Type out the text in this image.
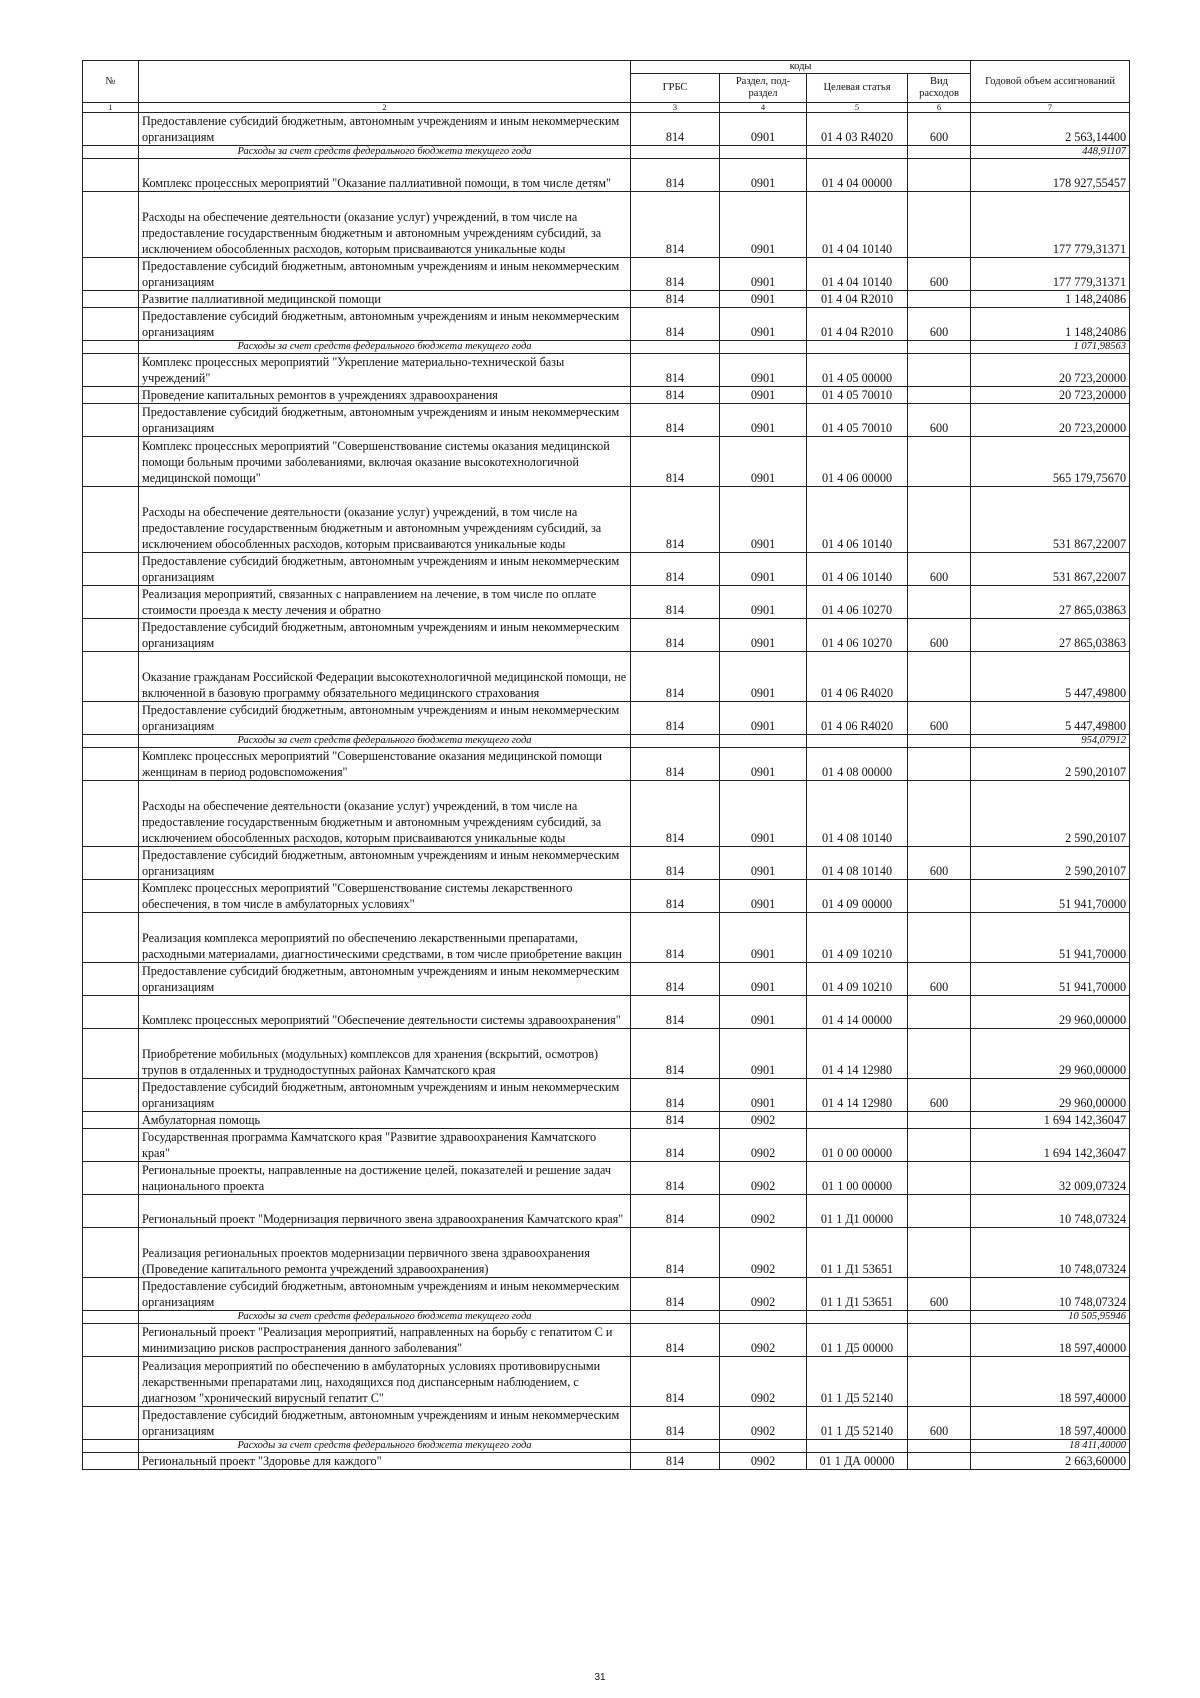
№		коды				Годовой объем ассигнований
		ГРБС	Раздел, под-раздел	Целевая статья	Вид расходов	
1	2	3	4	5	6	7
	Предоставление субсидий бюджетным, автономным учреждениям и иным некоммерческим организациям	814	0901	01 4 03 R4020	600	2 563,14400
	Расходы за счет средств федерального бюджета текущего года					448,91107
	Комплекс процессных мероприятий "Оказание паллиативной помощи, в том числе детям"	814	0901	01 4 04 00000		178 927,55457
	Расходы на обеспечение деятельности (оказание услуг) учреждений, в том числе на предоставление государственным бюджетным и автономным учреждениям субсидий, за исключением обособленных расходов, которым присваиваются уникальные коды	814	0901	01 4 04 10140		177 779,31371
	Предоставление субсидий бюджетным, автономным учреждениям и иным некоммерческим организациям	814	0901	01 4 04 10140	600	177 779,31371
	Развитие паллиативной медицинской помощи	814	0901	01 4 04 R2010		1 148,24086
	Предоставление субсидий бюджетным, автономным учреждениям и иным некоммерческим организациям	814	0901	01 4 04 R2010	600	1 148,24086
	Расходы за счет средств федерального бюджета текущего года					1 071,98563
	Комплекс процессных мероприятий "Укрепление материально-технической базы учреждений"	814	0901	01 4 05 00000		20 723,20000
	Проведение капитальных ремонтов в учреждениях здравоохранения	814	0901	01 4 05 70010		20 723,20000
	Предоставление субсидий бюджетным, автономным учреждениям и иным некоммерческим организациям	814	0901	01 4 05 70010	600	20 723,20000
	Комплекс процессных мероприятий "Совершенствование системы оказания медицинской помощи больным прочими заболеваниями, включая оказание высокотехнологичной медицинской помощи"	814	0901	01 4 06 00000		565 179,75670
	Расходы на обеспечение деятельности (оказание услуг) учреждений, в том числе на предоставление государственным бюджетным и автономным учреждениям субсидий, за исключением обособленных расходов, которым присваиваются уникальные коды	814	0901	01 4 06 10140		531 867,22007
	Предоставление субсидий бюджетным, автономным учреждениям и иным некоммерческим организациям	814	0901	01 4 06 10140	600	531 867,22007
	Реализация мероприятий, связанных с направлением на лечение, в том числе по оплате стоимости проезда к месту лечения и обратно	814	0901	01 4 06 10270		27 865,03863
	Предоставление субсидий бюджетным, автономным учреждениям и иным некоммерческим организациям	814	0901	01 4 06 10270	600	27 865,03863
	Оказание гражданам Российской Федерации высокотехнологичной медицинской помощи, не включенной в базовую программу обязательного медицинского страхования	814	0901	01 4 06 R4020		5 447,49800
	Предоставление субсидий бюджетным, автономным учреждениям и иным некоммерческим организациям	814	0901	01 4 06 R4020	600	5 447,49800
	Расходы за счет средств федерального бюджета текущего года					954,07912
	Комплекс процессных мероприятий "Совершенстование оказания медицинской помощи женщинам в период родовспоможения"	814	0901	01 4 08 00000		2 590,20107
	Расходы на обеспечение деятельности (оказание услуг) учреждений, в том числе на предоставление государственным бюджетным и автономным учреждениям субсидий, за исключением обособленных расходов, которым присваиваются уникальные коды	814	0901	01 4 08 10140		2 590,20107
	Предоставление субсидий бюджетным, автономным учреждениям и иным некоммерческим организациям	814	0901	01 4 08 10140	600	2 590,20107
	Комплекс процессных мероприятий "Совершенствование системы лекарственного обеспечения, в том числе в амбулаторных условиях"	814	0901	01 4 09 00000		51 941,70000
	Реализация комплекса мероприятий по обеспечению лекарственными препаратами, расходными материалами, диагностическими средствами, в том числе приобретение вакцин	814	0901	01 4 09 10210		51 941,70000
	Предоставление субсидий бюджетным, автономным учреждениям и иным некоммерческим организациям	814	0901	01 4 09 10210	600	51 941,70000
	Комплекс процессных мероприятий "Обеспечение деятельности системы здравоохранения"	814	0901	01 4 14 00000		29 960,00000
	Приобретение мобильных (модульных) комплексов для хранения (вскрытий, осмотров) трупов в отдаленных и труднодоступных районах Камчатского края	814	0901	01 4 14 12980		29 960,00000
	Предоставление субсидий бюджетным, автономным учреждениям и иным некоммерческим организациям	814	0901	01 4 14 12980	600	29 960,00000
	Амбулаторная помощь	814	0902			1 694 142,36047
	Государственная программа Камчатского края "Развитие здравоохранения Камчатского края"	814	0902	01 0 00 00000		1 694 142,36047
	Региональные проекты, направленные на достижение целей, показателей и решение задач национального проекта	814	0902	01 1 00 00000		32 009,07324
	Региональный проект "Модернизация первичного звена здравоохранения Камчатского края"	814	0902	01 1 Д1 00000		10 748,07324
	Реализация региональных проектов модернизации первичного звена здравоохранения (Проведение капитального ремонта учреждений здравоохранения)	814	0902	01 1 Д1 53651		10 748,07324
	Предоставление субсидий бюджетным, автономным учреждениям и иным некоммерческим организациям	814	0902	01 1 Д1 53651	600	10 748,07324
	Расходы за счет средств федерального бюджета текущего года					10 505,95946
	Региональный проект "Реализация мероприятий, направленных на борьбу с гепатитом С и минимизацию рисков распространения данного заболевания"	814	0902	01 1 Д5 00000		18 597,40000
	Реализация мероприятий по обеспечению в амбулаторных условиях противовирусными лекарственными препаратами лиц, находящихся под диспансерным наблюдением, с диагнозом "хронический вирусный гепатит С"	814	0902	01 1 Д5 52140		18 597,40000
	Предоставление субсидий бюджетным, автономным учреждениям и иным некоммерческим организациям	814	0902	01 1 Д5 52140	600	18 597,40000
	Расходы за счет средств федерального бюджета текущего года					18 411,40000
	Региональный проект "Здоровье для каждого"	814	0902	01 1 ДА 00000		2 663,60000
31
